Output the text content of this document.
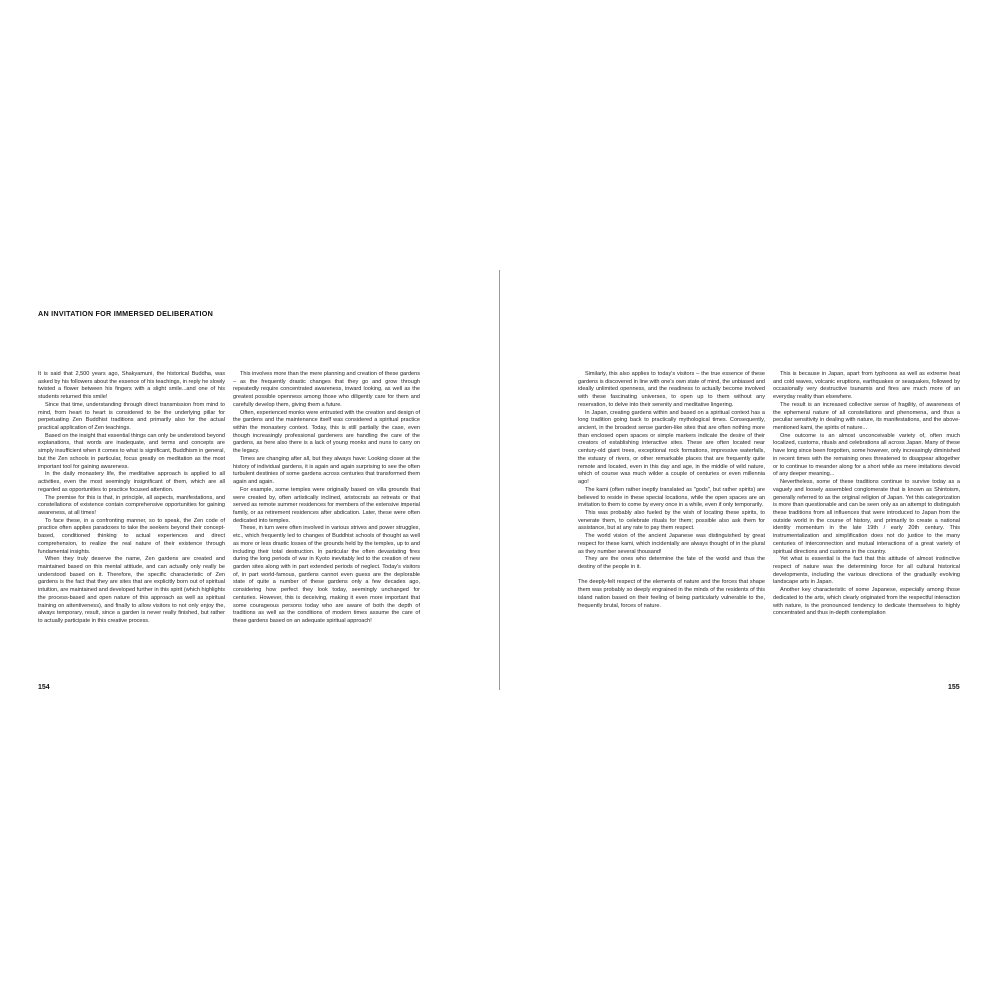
AN INVITATION FOR IMMERSED DELIBERATION

It is said that 2,500 years ago, Shakyamuni, the historical Buddha, was asked by his followers about the essence of his teachings, in reply he slowly twisted a flower between his fingers with a slight smile...and one of his students returned this smile!

Since that time, understanding through direct transmission from mind to mind, from heart to heart is considered to be the underlying pillar for perpetuating Zen Buddhist traditions and primarily also for the actual practical application of Zen teachings.

Based on the insight that essential things can only be understood beyond explanations, that words are inadequate, and terms and concepts are simply insufficient when it comes to what is significant, Buddhism in general, but the Zen schools in particular, focus greatly on meditation as the most important tool for gaining awareness.

In the daily monastery life, the meditative approach is applied to all activities, even the most seemingly insignificant of them, which are all regarded as opportunities to practice focused attention.

The premise for this is that, in principle, all aspects, manifestations, and constellations of existence contain comprehensive opportunities for gaining awareness, at all times!

To face these, in a confronting manner, so to speak, the Zen code of practice often applies paradoxes to take the seekers beyond their concept-based, conditioned thinking to actual experiences and direct comprehension, to realize the real nature of their existence through fundamental insights.

When they truly deserve the name, Zen gardens are created and maintained based on this mental attitude, and can actually only really be understood based on it. Therefore, the specific characteristic of Zen gardens is the fact that they are sites that are explicitly born out of spiritual intuition, are maintained and developed further in this spirit (which highlights the process-based and open nature of this approach as well as spiritual training on attentiveness), and finally to allow visitors to not only enjoy the, always temporary, result, since a garden is never really finished, but rather to actually participate in this creative process.

This involves more than the mere planning and creation of these gardens – as the frequently drastic changes that they go and grow through repeatedly require concentrated awareness, inward looking, as well as the greatest possible openness among those who diligently care for them and carefully develop them, giving them a future.

Often, experienced monks were entrusted with the creation and design of the gardens and the maintenance itself was considered a spiritual practice within the monastery context. Today, this is still partially the case, even though increasingly professional gardeners are handling the care of the gardens, as here also there is a lack of young monks and nuns to carry on the legacy.

Times are changing after all, but they always have: Looking closer at the history of individual gardens, it is again and again surprising to see the often turbulent destinies of some gardens across centuries that transformed them again and again.

For example, some temples were originally based on villa grounds that were created by, often artistically inclined, aristocrats as retreats or that served as remote summer residences for members of the extensive imperial family, or as retirement residences after abdication. Later, these were often dedicated into temples.

These, in turn were often involved in various strives and power struggles, etc., which frequently led to changes of Buddhist schools of thought as well as more or less drastic losses of the grounds held by the temples, up to and including their total destruction. In particular the often devastating fires during the long periods of war in Kyoto inevitably led to the creation of new garden sites along with in part extended periods of neglect. Today's visitors of, in part world-famous, gardens cannot even guess are the deplorable state of quite a number of these gardens only a few decades ago, considering how perfect they look today, seemingly unchanged for centuries. However, this is deceiving, making it even more important that some courageous persons today who are aware of both the depth of traditions as well as the conditions of modern times assume the care of these gardens based on an adequate spiritual approach!

Similarly, this also applies to today's visitors – the true essence of these gardens is discovered in line with one's own state of mind, the unbiased and ideally unlimited openness, and the readiness to actually become involved with these fascinating universes, to open up to them without any reservation, to delve into their serenity and meditative lingering.

In Japan, creating gardens within and based on a spiritual context has a long tradition going back to practically mythological times. Consequently, ancient, in the broadest sense garden-like sites that are often nothing more than enclosed open spaces or simple markers indicate the desire of their creators of establishing interactive sites. These are often located near century-old giant trees, exceptional rock formations, impressive waterfalls, the estuary of rivers, or other remarkable places that are frequently quite remote and located, even in this day and age, in the middle of wild nature, which of course was much wilder a couple of centuries or even millennia ago!

The kami (often rather ineptly translated as "gods", but rather spirits) are believed to reside in these special locations, while the open spaces are an invitation to them to come by every once in a while, even if only temporarily.

This was probably also fueled by the wish of locating these spirits, to venerate them, to celebrate rituals for them; possible also ask them for assistance, but at any rate to pay them respect.

The world vision of the ancient Japanese was distinguished by great respect for these kami, which incidentally are always thought of in the plural as they number several thousand!

They are the ones who determine the fate of the world and thus the destiny of the people in it.

The deeply-felt respect of the elements of nature and the forces that shape them was probably so deeply engrained in the minds of the residents of this island nation based on their feeling of being particularly vulnerable to the, frequently brutal, forces of nature.

This is because in Japan, apart from typhoons as well as extreme heat and cold waves, volcanic eruptions, earthquakes or seaquakes, followed by occasionally very destructive tsunamis and fires are much more of an everyday reality than elsewhere.

The result is an increased collective sense of fragility, of awareness of the ephemeral nature of all constellations and phenomena, and thus a peculiar sensitivity in dealing with nature, its manifestations, and the above-mentioned kami, the spirits of nature...

One outcome is an almost unconceivable variety of, often much localized, customs, rituals and celebrations all across Japan. Many of these have long since been forgotten, some however, only increasingly diminished in recent times with the remaining ones threatened to disappear altogether or to continue to meander along for a short while as mere imitations devoid of any deeper meaning...

Nevertheless, some of these traditions continue to survive today as a vaguely and loosely assembled conglomerate that is known as Shintoism, generally referred to as the original religion of Japan. Yet this categorization is more than questionable and can be seen only as an attempt to distinguish these traditions from all influences that were introduced to Japan from the outside world in the course of history, and primarily to create a national identity momentum in the late 19th / early 20th century. This instrumentalization and simplification does not do justice to the many centuries of interconnection and mutual interactions of a great variety of spiritual directions and customs in the country.

Yet what is essential is the fact that this attitude of almost instinctive respect of nature was the determining force for all cultural historical developments, including the various directions of the gradually evolving landscape arts in Japan.

Another key characteristic of some Japanese, especially among those dedicated to the arts, which clearly originated from the respectful interaction with nature, is the pronounced tendency to dedicate themselves to highly concentrated and thus in-depth contemplation

154	155
